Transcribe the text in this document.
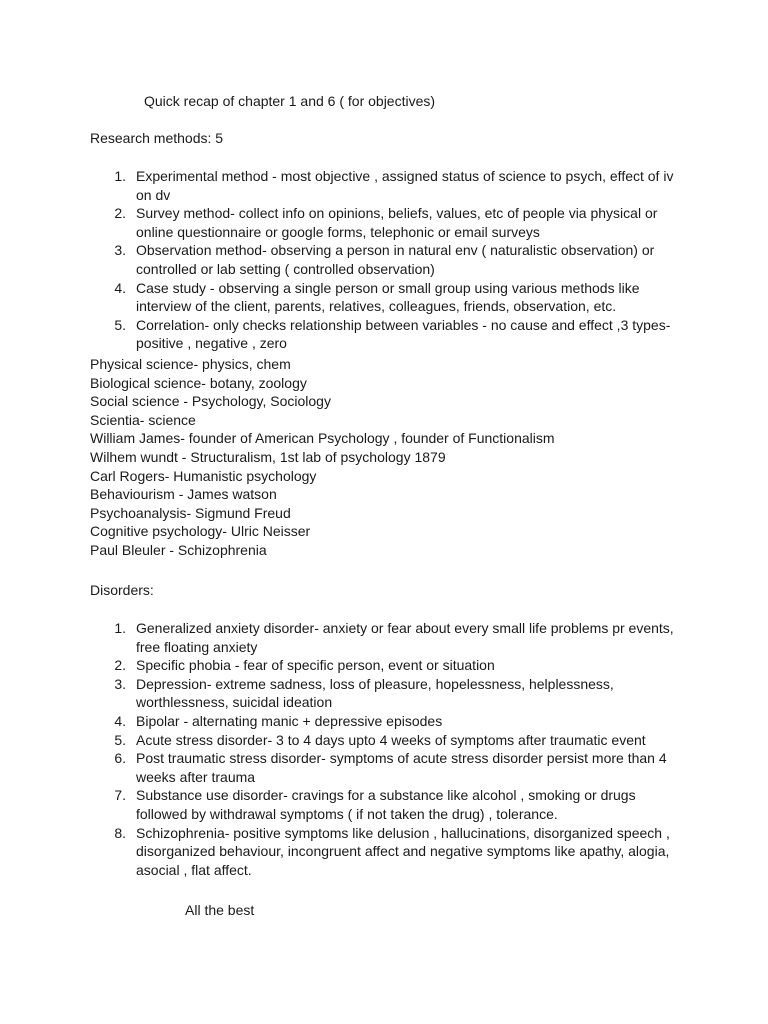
Quick recap of chapter 1 and 6 ( for objectives)
Research methods: 5
1. Experimental method - most objective , assigned status of science to psych, effect of iv on dv
2. Survey method- collect info on opinions, beliefs, values, etc of people via physical or online questionnaire or google forms, telephonic or email surveys
3. Observation method- observing a person in natural env ( naturalistic observation) or controlled or lab setting ( controlled observation)
4. Case study - observing a single person or small group using various methods like interview of the client, parents, relatives, colleagues, friends, observation, etc.
5. Correlation- only checks relationship between variables - no cause and effect ,3 types- positive , negative , zero
Physical science- physics, chem
Biological science- botany, zoology
Social science - Psychology, Sociology
Scientia- science
William James- founder of American Psychology , founder of Functionalism
Wilhem wundt - Structuralism, 1st lab of psychology 1879
Carl Rogers- Humanistic psychology
Behaviourism - James watson
Psychoanalysis- Sigmund Freud
Cognitive psychology- Ulric Neisser
Paul Bleuler - Schizophrenia
Disorders:
1. Generalized anxiety disorder- anxiety or fear about every small life problems pr events, free floating anxiety
2. Specific phobia - fear of specific person, event or situation
3. Depression- extreme sadness, loss of pleasure, hopelessness, helplessness, worthlessness, suicidal ideation
4. Bipolar - alternating manic + depressive episodes
5. Acute stress disorder- 3 to 4 days upto 4 weeks of symptoms after traumatic event
6. Post traumatic stress disorder- symptoms of acute stress disorder persist more than 4 weeks after trauma
7. Substance use disorder- cravings for a substance like alcohol , smoking or drugs followed by withdrawal symptoms ( if not taken the drug) , tolerance.
8. Schizophrenia- positive symptoms like delusion , hallucinations, disorganized speech , disorganized behaviour, incongruent affect and negative symptoms like apathy, alogia, asocial , flat affect.
All the best
